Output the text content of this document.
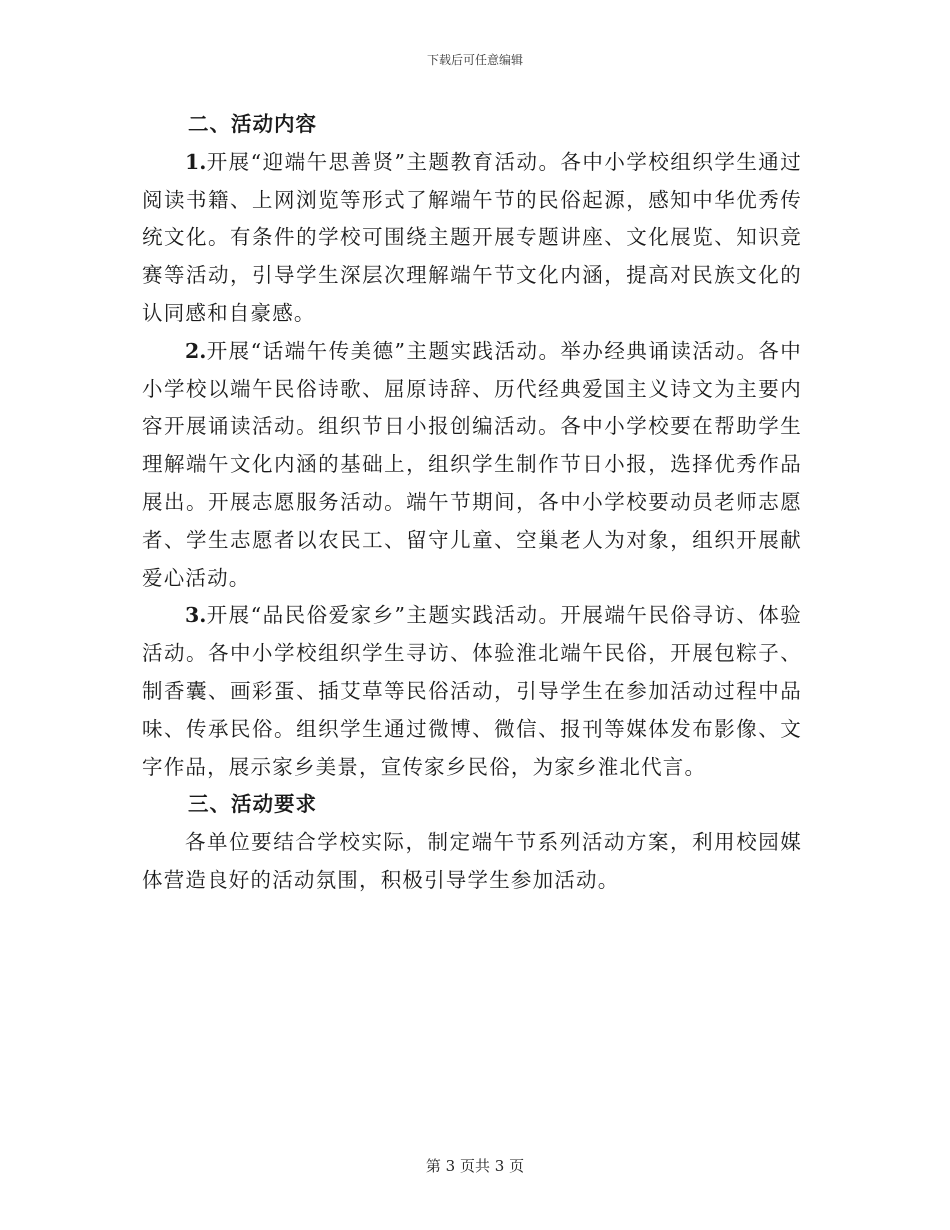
下载后可任意编辑

二、活动内容

1.开展“迎端午思善贤”主题教育活动。各中小学校组织学生通过阅读书籍、上网浏览等形式了解端午节的民俗起源，感知中华优秀传统文化。有条件的学校可围绕主题开展专题讲座、文化展览、知识竞赛等活动，引导学生深层次理解端午节文化内涵，提高对民族文化的认同感和自豪感。

2.开展“话端午传美德”主题实践活动。举办经典诵读活动。各中小学校以端午民俗诗歌、屈原诗辞、历代经典爱国主义诗文为主要内容开展诵读活动。组织节日小报创编活动。各中小学校要在帮助学生理解端午文化内涵的基础上，组织学生制作节日小报，选择优秀作品展出。开展志愿服务活动。端午节期间，各中小学校要动员老师志愿者、学生志愿者以农民工、留守儿童、空巢老人为对象，组织开展献爱心活动。

3.开展“品民俗爱家乡”主题实践活动。开展端午民俗寻访、体验活动。各中小学校组织学生寻访、体验淮北端午民俗，开展包粽子、制香囊、画彩蛋、插艾草等民俗活动，引导学生在参加活动过程中品味、传承民俗。组织学生通过微博、微信、报刊等媒体发布影像、文字作品，展示家乡美景，宣传家乡民俗，为家乡淮北代言。

三、活动要求

各单位要结合学校实际，制定端午节系列活动方案，利用校园媒体营造良好的活动氛围，积极引导学生参加活动。

第 3 页共 3 页
